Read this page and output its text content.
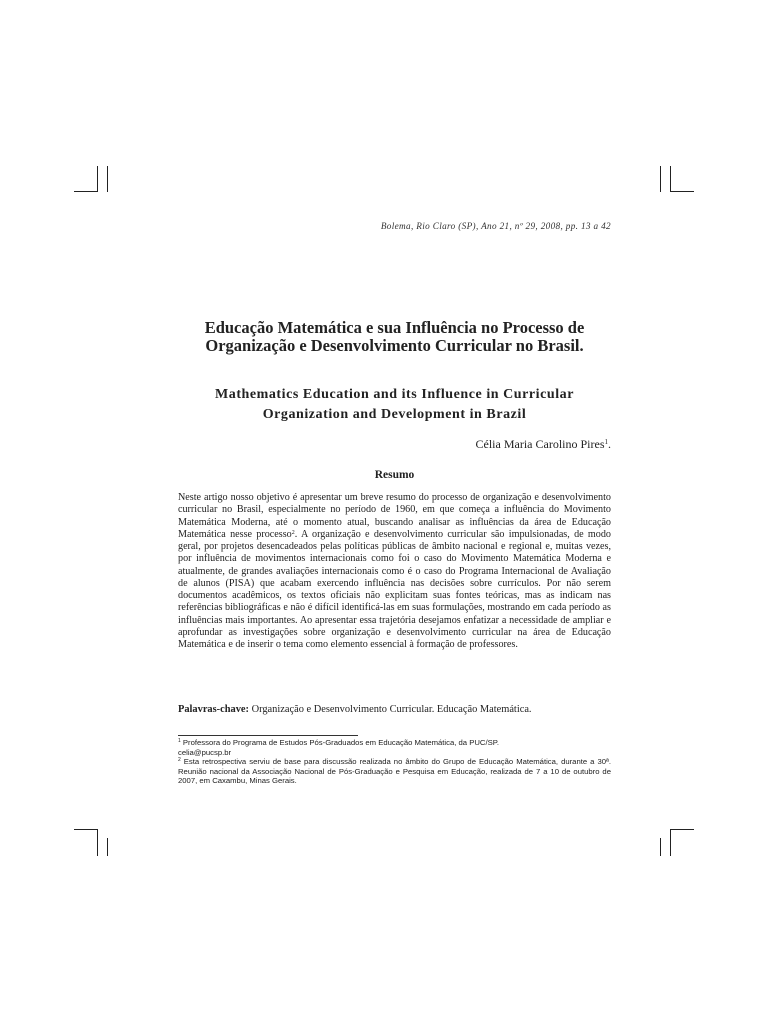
Bolema, Rio Claro (SP), Ano 21, nº 29, 2008, pp. 13 a 42
Educação Matemática e sua Influência no Processo de Organização e Desenvolvimento Curricular no Brasil.
Mathematics Education and its Influence in Curricular Organization and Development in Brazil
Célia Maria Carolino Pires$^1$.
Resumo

Neste artigo nosso objetivo é apresentar um breve resumo do processo de organização e desenvolvimento curricular no Brasil, especialmente no período de 1960, em que começa a influência do Movimento Matemática Moderna, até o momento atual, buscando analisar as influências da área de Educação Matemática nesse processo$^2$. A organização e desenvolvimento curricular são impulsionadas, de modo geral, por projetos desencadeados pelas políticas públicas de âmbito nacional e regional e, muitas vezes, por influência de movimentos internacionais como foi o caso do Movimento Matemática Moderna e atualmente, de grandes avaliações internacionais como é o caso do Programa Internacional de Avaliação de alunos (PISA) que acabam exercendo influência nas decisões sobre currículos. Por não serem documentos acadêmicos, os textos oficiais não explicitam suas fontes teóricas, mas as indicam nas referências bibliográficas e não é difícil identificá-las em suas formulações, mostrando em cada período as influências mais importantes. Ao apresentar essa trajetória desejamos enfatizar a necessidade de ampliar e aprofundar as investigações sobre organização e desenvolvimento curricular na área de Educação Matemática e de inserir o tema como elemento essencial à formação de professores.

Palavras-chave: Organização e Desenvolvimento Curricular. Educação Matemática.

$^1$ Professora do Programa de Estudos Pós-Graduados em Educação Matemática, da PUC/SP.

celia@pucsp.br

$^2$ Esta retrospectiva serviu de base para discussão realizada no âmbito do Grupo de Educação Matemática, durante a 30ª. Reunião nacional da Associação Nacional de Pós-Graduação e Pesquisa em Educação, realizada de 7 a 10 de outubro de 2007, em Caxambu, Minas Gerais.
